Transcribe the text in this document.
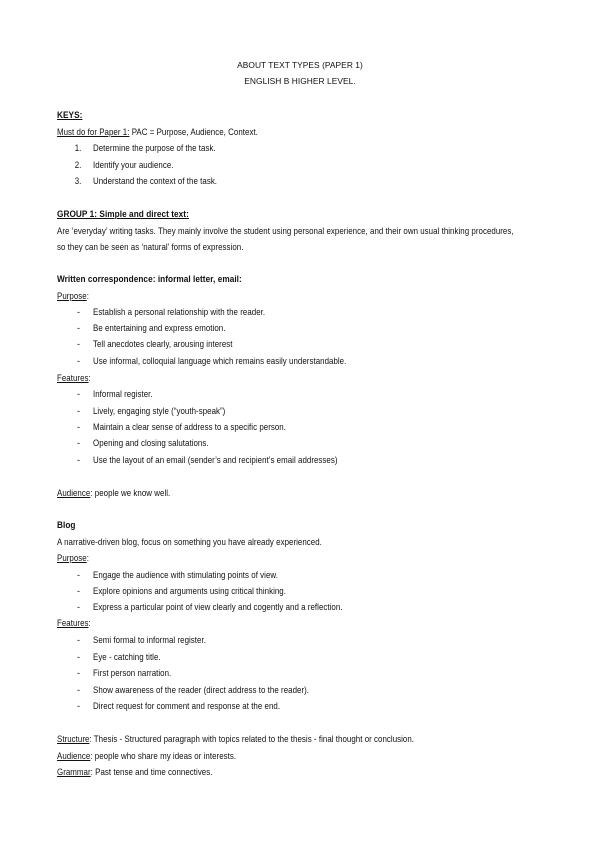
ABOUT TEXT TYPES (PAPER 1)
ENGLISH B HIGHER LEVEL.
KEYS:
Must do for Paper 1: PAC = Purpose, Audience, Context.
1. Determine the purpose of the task.
2. Identify your audience.
3. Understand the context of the task.
GROUP 1: Simple and direct text:
Are ‘everyday’ writing tasks. They mainly involve the student using personal experience, and their own usual thinking procedures,
so they can be seen as ‘natural’ forms of expression.
Written correspondence: informal letter, email:
Purpose:
- Establish a personal relationship with the reader.
- Be entertaining and express emotion.
- Tell anecdotes clearly, arousing interest
- Use informal, colloquial language which remains easily understandable.
Features:
- Informal register.
- Lively, engaging style (“youth-speak”)
- Maintain a clear sense of address to a specific person.
- Opening and closing salutations.
- Use the layout of an email (sender’s and recipient’s email addresses)
Audience: people we know well.
Blog
A narrative-driven blog, focus on something you have already experienced.
Purpose:
- Engage the audience with stimulating points of view.
- Explore opinions and arguments using critical thinking.
- Express a particular point of view clearly and cogently and a reflection.
Features:
- Semi formal to informal register.
- Eye - catching title.
- First person narration.
- Show awareness of the reader (direct address to the reader).
- Direct request for comment and response at the end.
Structure: Thesis - Structured paragraph with topics related to the thesis - final thought or conclusion.
Audience: people who share my ideas or interests.
Grammar: Past tense and time connectives.
